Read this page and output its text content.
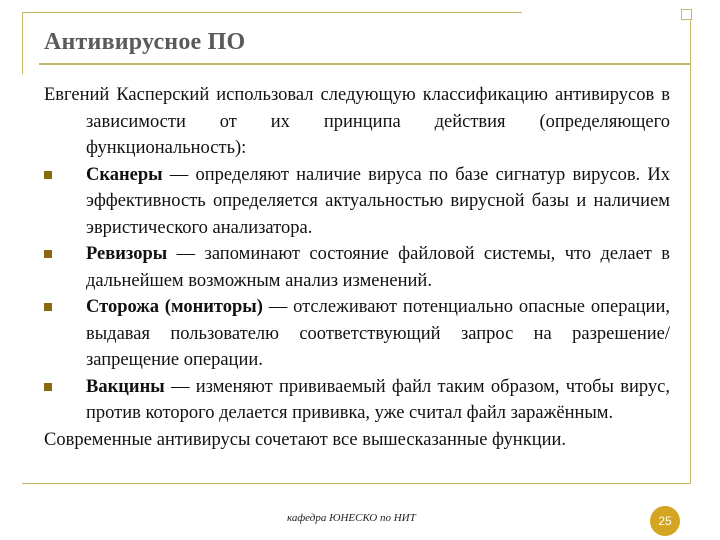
Антивирусное ПО
Евгений Касперский использовал следующую классификацию антивирусов в зависимости от их принципа действия (определяющего функциональность):
Сканеры — определяют наличие вируса по базе сигнатур вирусов. Их эффективность определяется актуальностью вирусной базы и наличием эвристического анализатора.
Ревизоры — запоминают состояние файловой системы, что делает в дальнейшем возможным анализ изменений.
Сторожа (мониторы) — отслеживают потенциально опасные операции, выдавая пользователю соответствующий запрос на разрешение/запрещение операции.
Вакцины — изменяют прививаемый файл таким образом, чтобы вирус, против которого делается прививка, уже считал файл заражённым.
Современные антивирусы сочетают все вышесказанные функции.
кафедра ЮНЕСКО по НИТ	25
